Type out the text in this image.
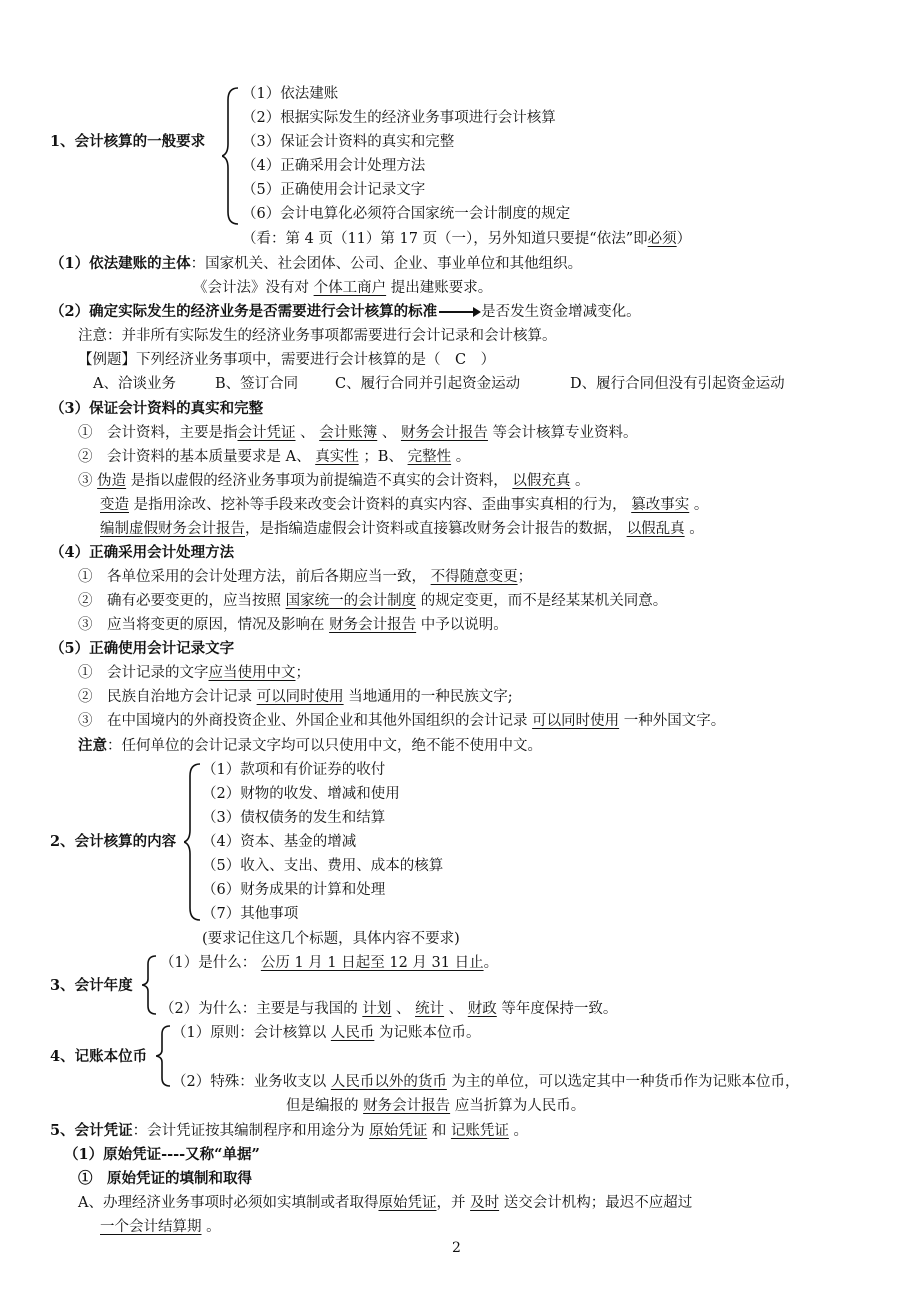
1、会计核算的一般要求
（1）依法建账
（2）根据实际发生的经济业务事项进行会计核算
（3）保证会计资料的真实和完整
（4）正确采用会计处理方法
（5）正确使用会计记录文字
（6）会计电算化必须符合国家统一会计制度的规定
（看：第 4 页（11）第 17 页（一），另外知道只要提“依法”即必须）
（1）依法建账的主体：国家机关、社会团体、公司、企业、事业单位和其他组织。
《会计法》没有对 个体工商户 提出建账要求。
（2）确定实际发生的经济业务是否需要进行会计核算的标准	是否发生资金增减变化。
注意：并非所有实际发生的经济业务事项都需要进行会计记录和会计核算。
【例题】下列经济业务事项中，需要进行会计核算的是（　C　）
A、洽谈业务	B、签订合同	C、履行合同并引起资金运动	D、履行合同但没有引起资金运动
（3）保证会计资料的真实和完整
①　会计资料，主要是指会计凭证 、 会计账簿 、 财务会计报告 等会计核算专业资料。
②　会计资料的基本质量要求是 A、 真实性 ；B、 完整性 。
③ 伪造 是指以虚假的经济业务事项为前提编造不真实的会计资料， 以假充真 。
变造 是指用涂改、挖补等手段来改变会计资料的真实内容、歪曲事实真相的行为， 篡改事实 。
编制虚假财务会计报告，是指编造虚假会计资料或直接篡改财务会计报告的数据， 以假乱真 。
（4）正确采用会计处理方法
①　各单位采用的会计处理方法，前后各期应当一致， 不得随意变更；
②　确有必要变更的，应当按照 国家统一的会计制度 的规定变更，而不是经某某机关同意。
③　应当将变更的原因，情况及影响在 财务会计报告 中予以说明。
（5）正确使用会计记录文字
①　会计记录的文字应当使用中文；
②　民族自治地方会计记录 可以同时使用 当地通用的一种民族文字;
③　在中国境内的外商投资企业、外国企业和其他外国组织的会计记录 可以同时使用 一种外国文字。
注意：任何单位的会计记录文字均可以只使用中文，绝不能不使用中文。
2、会计核算的内容
（1）款项和有价证券的收付
（2）财物的收发、增减和使用
（3）债权债务的发生和结算
（4）资本、基金的增减
（5）收入、支出、费用、成本的核算
（6）财务成果的计算和处理
（7）其他事项
(要求记住这几个标题，具体内容不要求)
3、会计年度
（1）是什么： 公历 1 月 1 日起至 12 月 31 日止。
（2）为什么：主要是与我国的 计划 、 统计 、 财政 等年度保持一致。
4、记账本位币
（1）原则：会计核算以 人民币 为记账本位币。
（2）特殊：业务收支以 人民币以外的货币 为主的单位，可以选定其中一种货币作为记账本位币，
但是编报的 财务会计报告 应当折算为人民币。
5、会计凭证：会计凭证按其编制程序和用途分为 原始凭证 和 记账凭证 。
（1）原始凭证----又称“单据”
①　原始凭证的填制和取得
A、办理经济业务事项时必须如实填制或者取得原始凭证，并 及时 送交会计机构；最迟不应超过
一个会计结算期 。
2
